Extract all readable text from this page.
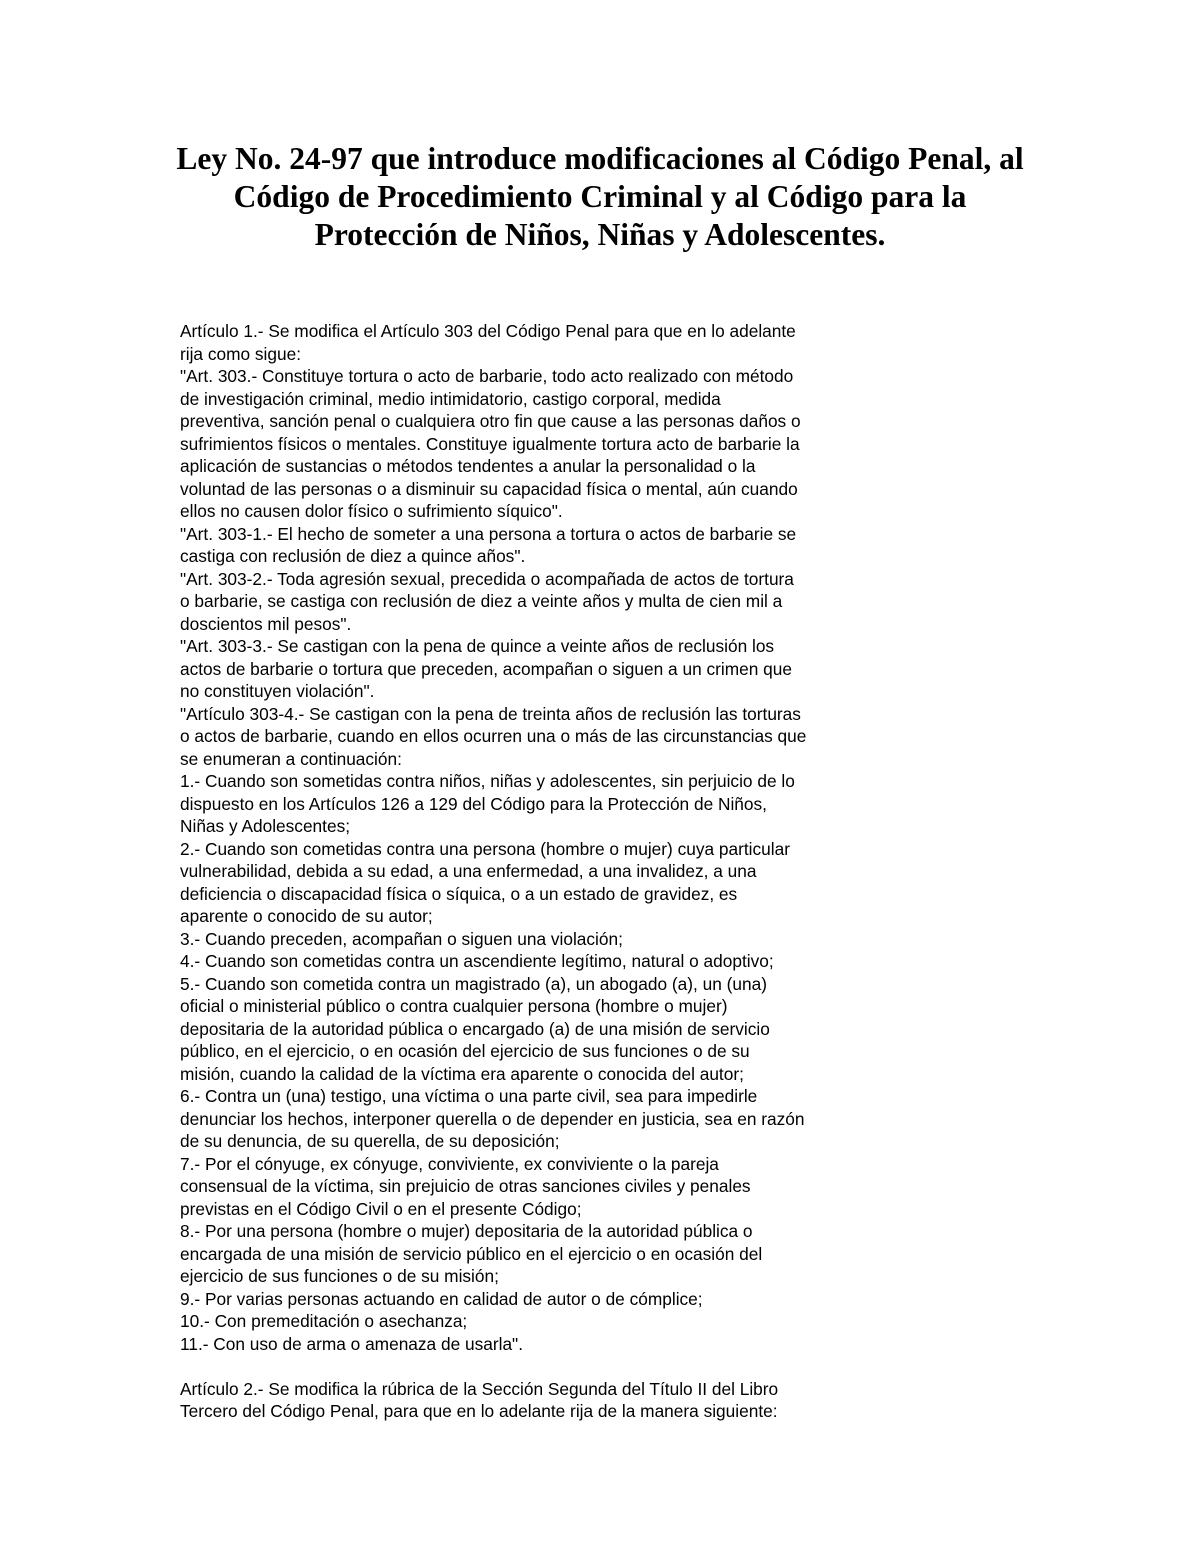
Ley No. 24-97 que introduce modificaciones al Código Penal, al
Código de Procedimiento Criminal y al Código para la
Protección de Niños, Niñas y Adolescentes.
Artículo 1.- Se modifica el Artículo 303 del Código Penal para que en lo adelante
rija como sigue:
"Art. 303.- Constituye tortura o acto de barbarie, todo acto realizado con método
de investigación criminal, medio intimidatorio, castigo corporal, medida
preventiva, sanción penal o cualquiera otro fin que cause a las personas daños o
sufrimientos físicos o mentales. Constituye igualmente tortura acto de barbarie la
aplicación de sustancias o métodos tendentes a anular la personalidad o la
voluntad de las personas o a disminuir su capacidad física o mental, aún cuando
ellos no causen dolor físico o sufrimiento síquico".
"Art. 303-1.- El hecho de someter a una persona a tortura o actos de barbarie se
castiga con reclusión de diez a quince años".
"Art. 303-2.- Toda agresión sexual, precedida o acompañada de actos de tortura
o barbarie, se castiga con reclusión de diez a veinte años y multa de cien mil a
doscientos mil pesos".
"Art. 303-3.- Se castigan con la pena de quince a veinte años de reclusión los
actos de barbarie o tortura que preceden, acompañan o siguen a un crimen que
no constituyen violación".
"Artículo 303-4.- Se castigan con la pena de treinta años de reclusión las torturas
o actos de barbarie, cuando en ellos ocurren una o más de las circunstancias que
se enumeran a continuación:
1.- Cuando son sometidas contra niños, niñas y adolescentes, sin perjuicio de lo
dispuesto en los Artículos 126 a 129 del Código para la Protección de Niños,
Niñas y Adolescentes;
2.- Cuando son cometidas contra una persona (hombre o mujer) cuya particular
vulnerabilidad, debida a su edad, a una enfermedad, a una invalidez, a una
deficiencia o discapacidad física o síquica, o a un estado de gravidez, es
aparente o conocido de su autor;
3.- Cuando preceden, acompañan o siguen una violación;
4.- Cuando son cometidas contra un ascendiente legítimo, natural o adoptivo;
5.- Cuando son cometida contra un magistrado (a), un abogado (a), un (una)
oficial o ministerial público o contra cualquier persona (hombre o mujer)
depositaria de la autoridad pública o encargado (a) de una misión de servicio
público, en el ejercicio, o en ocasión del ejercicio de sus funciones o de su
misión, cuando la calidad de la víctima era aparente o conocida del autor;
6.- Contra un (una) testigo, una víctima o una parte civil, sea para impedirle
denunciar los hechos, interponer querella o de depender en justicia, sea en razón
de su denuncia, de su querella, de su deposición;
7.- Por el cónyuge, ex cónyuge, conviviente, ex conviviente o la pareja
consensual de la víctima, sin prejuicio de otras sanciones civiles y penales
previstas en el Código Civil o en el presente Código;
8.- Por una persona (hombre o mujer) depositaria de la autoridad pública o
encargada de una misión de servicio público en el ejercicio o en ocasión del
ejercicio de sus funciones o de su misión;
9.- Por varias personas actuando en calidad de autor o de cómplice;
10.- Con premeditación o asechanza;
11.- Con uso de arma o amenaza de usarla".
Artículo 2.- Se modifica la rúbrica de la Sección Segunda del Título II del Libro
Tercero del Código Penal, para que en lo adelante rija de la manera siguiente:
